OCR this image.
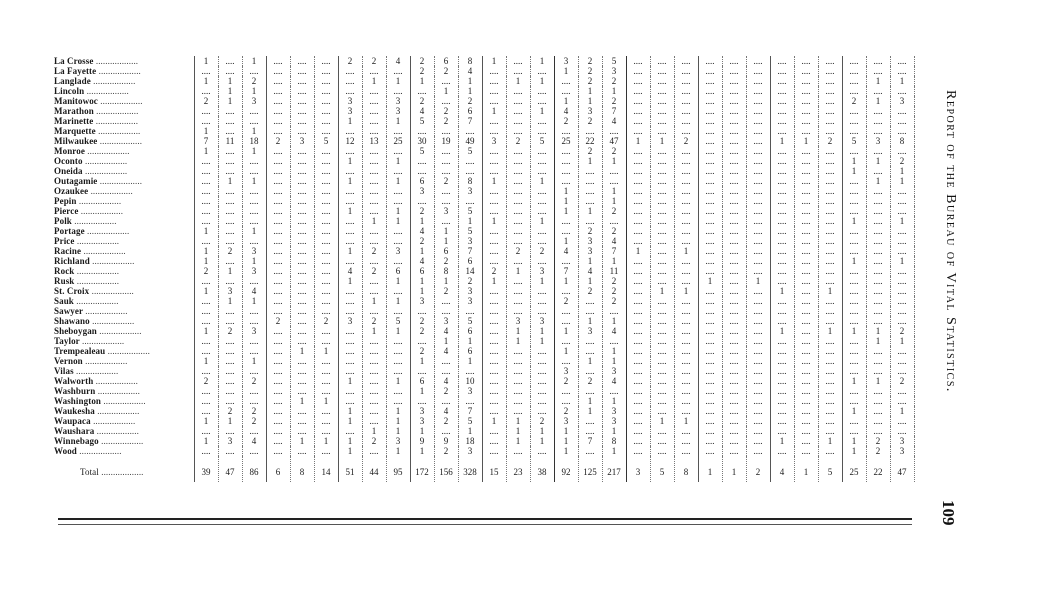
La Crosse ..................	1	....	1	....	....	....	2	2	4	2	6	8	1	....	1	3	2	5	....	....	....	....	....	....	....	....	....	....	....	....
La Fayette ..................	....	....	....	....	....	....	....	....	....	2	2	4	....	....	....	1	2	3	....	....	....	....	....	....	....	....	....	....	....	....
Langlade ..................	1	1	2	....	....	....	....	1	1	1	....	1	....	1	1	....	2	2	....	....	....	....	....	....	....	....	....	....	1	1
Lincoln ..................	....	1	1	....	....	....	....	....	....	....	1	1	....	....	....	....	1	1	....	....	....	....	....	....	....	....	....	....	....	....
Manitowoc ..................	2	1	3	....	....	....	3	....	3	2	....	2	....	....	....	1	1	2	....	....	....	....	....	....	....	....	....	2	1	3
Marathon ..................	....	....	....	....	....	....	3	....	3	4	2	6	1	....	1	4	3	7	....	....	....	....	....	....	....	....	....	....	....	....
Marinette ..................	....	....	....	....	....	....	1	....	1	5	2	7	....	....	....	2	2	4	....	....	....	....	....	....	....	....	....	....	....	....
Marquette ..................	1	....	1	....	....	....	....	....	....	....	....	....	....	....	....	....	....	....	....	....	....	....	....	....	....	....	....	....	....	....
Milwaukee ..................	7	11	18	2	3	5	12	13	25	30	19	49	3	2	5	25	22	47	1	1	2	....	....	....	1	1	2	5	3	8
Monroe ..................	1	....	1	....	....	....	....	....	....	5	....	5	....	....	....	....	2	2	....	....	....	....	....	....	....	....	....	....	....	....
Oconto ..................	....	....	....	....	....	....	1	....	1	....	....	....	....	....	....	....	1	1	....	....	....	....	....	....	....	....	....	1	1	2
Oneida ..................	....	....	....	....	....	....	....	....	....	....	....	....	....	....	....	....	....	....	....	....	....	....	....	....	....	....	....	1	....	1
Outagamie ..................	....	1	1	....	....	....	1	....	1	6	2	8	1	....	1	....	....	....	....	....	....	....	....	....	....	....	....	....	1	1
Ozaukee ..................	....	....	....	....	....	....	....	....	....	3	....	3	....	....	....	1	....	1	....	....	....	....	....	....	....	....	....	....	....	....
Pepin ..................	....	....	....	....	....	....	....	....	....	....	....	....	....	....	....	1	....	1	....	....	....	....	....	....	....	....	....	....	....	....
Pierce ..................	....	....	....	....	....	....	1	....	1	2	3	5	....	....	....	1	1	2	....	....	....	....	....	....	....	....	....	....	....	....
Polk ..................	....	....	....	....	....	....	....	1	1	1	....	1	1	....	1	....	....	....	....	....	....	....	....	....	....	....	....	1	....	1
Portage ..................	1	....	1	....	....	....	....	....	....	4	1	5	....	....	....	....	2	2	....	....	....	....	....	....	....	....	....	....	....	....
Price ..................	....	....	....	....	....	....	....	....	....	2	1	3	....	....	....	1	3	4	....	....	....	....	....	....	....	....	....	....	....	....
Racine ..................	1	2	3	....	....	....	1	2	3	1	6	7	....	2	2	4	3	7	1	....	1	....	....	....	....	....	....	....	....	....
Richland ..................	1	....	1	....	....	....	....	....	....	4	2	6	....	....	....	....	1	1	....	....	....	....	....	....	....	....	....	1	....	1
Rock ..................	2	1	3	....	....	....	4	2	6	6	8	14	2	1	3	7	4	11	....	....	....	....	....	....	....	....	....	....	....	....
Rusk ..................	....	....	....	....	....	....	1	....	1	1	1	2	1	....	1	1	1	2	....	....	....	1	....	1	....	....	....	....	....	....
St. Croix ..................	1	3	4	....	....	....	....	....	....	1	2	3	....	....	....	....	2	2	....	1	1	....	....	....	1	....	1	....	....	....
Sauk ..................	....	1	1	....	....	....	....	1	1	3	....	3	....	....	....	2	....	2	....	....	....	....	....	....	....	....	....	....	....	....
Sawyer ..................	....	....	....	....	....	....	....	....	....	....	....	....	....	....	....	....	....	....	....	....	....	....	....	....	....	....	....	....	....	....
Shawano ..................	....	....	....	2	....	2	3	2	5	2	3	5	....	3	3	....	1	1	....	....	....	....	....	....	....	....	....	....	....	....
Sheboygan ..................	1	2	3	....	....	....	....	1	1	2	4	6	....	1	1	1	3	4	....	....	....	....	....	....	1	....	1	1	1	2
Taylor ..................	....	....	....	....	....	....	....	....	....	....	1	1	....	1	1	....	....	....	....	....	....	....	....	....	....	....	....	....	1	1
Trempealeau ..................	....	....	....	....	1	1	....	....	....	2	4	6	....	....	....	1	....	1	....	....	....	....	....	....	....	....	....	....	....	....
Vernon ..................	1	....	1	....	....	....	....	....	....	1	....	1	....	....	....	....	1	1	....	....	....	....	....	....	....	....	....	....	....	....
Vilas ..................	....	....	....	....	....	....	....	....	....	....	....	....	....	....	....	3	....	3	....	....	....	....	....	....	....	....	....	....	....	....
Walworth ..................	2	....	2	....	....	....	1	....	1	6	4	10	....	....	....	2	2	4	....	....	....	....	....	....	....	....	....	1	1	2
Washburn ..................	....	....	....	....	....	....	....	....	....	1	2	3	....	....	....	....	....	....	....	....	....	....	....	....	....	....	....	....	....	....
Washington ..................	....	....	....	....	1	1	....	....	....	....	....	....	....	....	....	....	1	1	....	....	....	....	....	....	....	....	....	....	....	....
Waukesha ..................	....	2	2	....	....	....	1	....	1	3	4	7	....	....	....	2	1	3	....	....	....	....	....	....	....	....	....	1	....	1
Waupaca ..................	1	1	2	....	....	....	1	....	1	3	2	5	1	1	2	3	....	3	....	1	1	....	....	....	....	....	....	....	....	....
Waushara ..................	....	....	....	....	....	....	....	1	1	1	....	1	....	1	1	1	....	1	....	....	....	....	....	....	....	....	....	....	....	....
Winnebago ..................	1	3	4	....	1	1	1	2	3	9	9	18	....	1	1	1	7	8	....	....	....	....	....	....	1	....	1	1	2	3
Wood ..................	....	....	....	....	....	....	1	....	1	1	2	3	....	....	....	1	....	1	....	....	....	....	....	....	....	....	....	1	2	3
Total ..................	39	47	86	6	8	14	51	44	95	172	156	328	15	23	38	92	125	217	3	5	8	1	1	2	4	1	5	25	22	47
Report of the Bureau of Vital Statistics.
109
